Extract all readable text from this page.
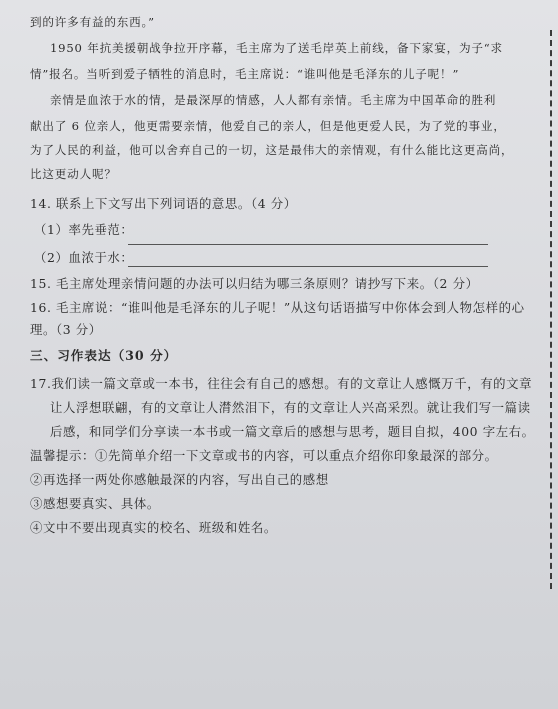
到的许多有益的东西。”
1950 年抗美援朝战争拉开序幕，毛主席为了送毛岸英上前线，备下家宴，为子“求
情”报名。当听到爱子牺牲的消息时，毛主席说：“谁叫他是毛泽东的儿子呢！”
亲情是血浓于水的情，是最深厚的情感，人人都有亲情。毛主席为中国革命的胜利
献出了 6 位亲人，他更需要亲情，他爱自己的亲人，但是他更爱人民，为了党的事业，
为了人民的利益，他可以舍弃自己的一切，这是最伟大的亲情观，有什么能比这更高尚，
比这更动人呢？
14. 联系上下文写出下列词语的意思。（4 分）
（1）率先垂范：
（2）血浓于水：
15. 毛主席处理亲情问题的办法可以归结为哪三条原则？请抄写下来。（2 分）
16. 毛主席说：“谁叫他是毛泽东的儿子呢！”从这句话语描写中你体会到人物怎样的心
理。（3 分）
三、习作表达（30 分）
17.我们读一篇文章或一本书，往往会有自己的感想。有的文章让人感慨万千，有的文章
让人浮想联翩，有的文章让人潸然泪下，有的文章让人兴高采烈。就让我们写一篇读
后感，和同学们分享读一本书或一篇文章后的感想与思考，题目自拟，400 字左右。
温馨提示：①先简单介绍一下文章或书的内容，可以重点介绍你印象最深的部分。
②再选择一两处你感触最深的内容，写出自己的感想
③感想要真实、具体。
④文中不要出现真实的校名、班级和姓名。
